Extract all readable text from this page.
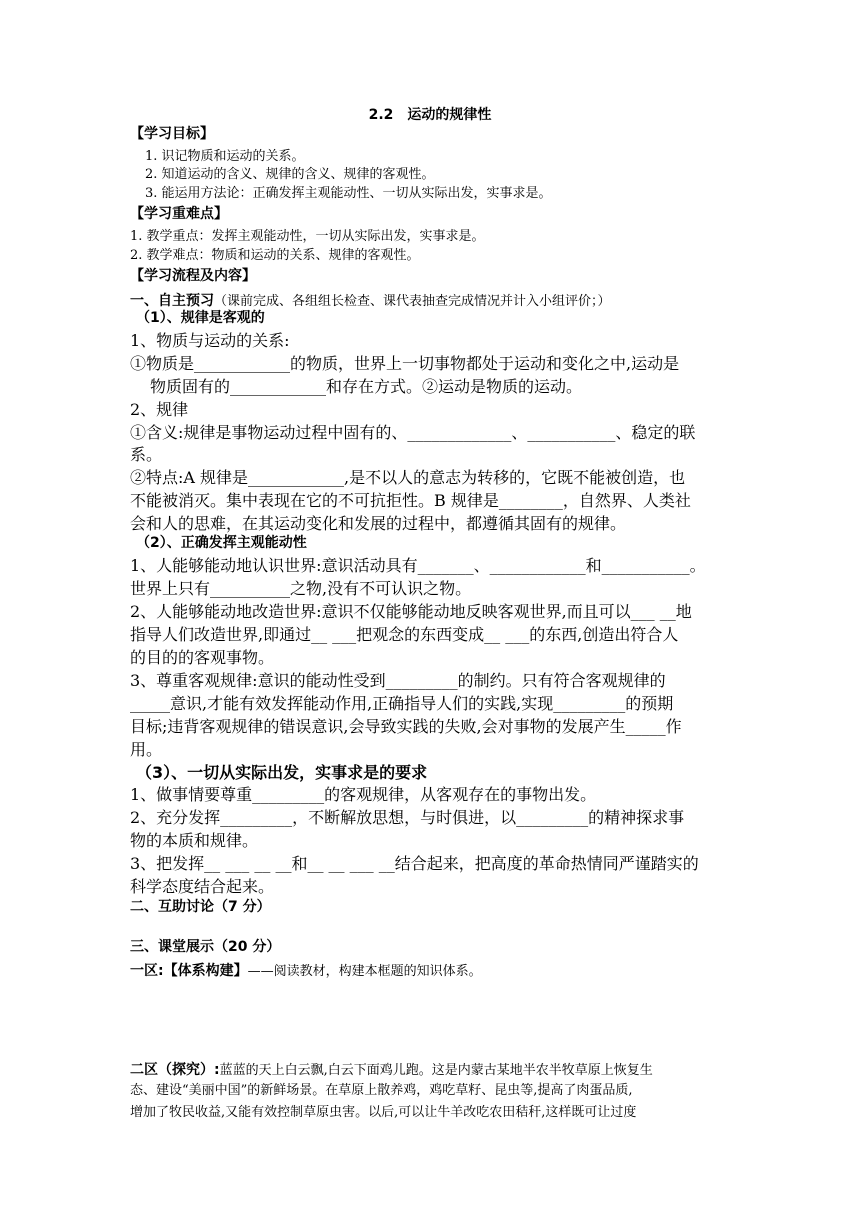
2.2　运动的规律性
【学习目标】
1. 识记物质和运动的关系。
2. 知道运动的含义、规律的含义、规律的客观性。
3. 能运用方法论：正确发挥主观能动性、一切从实际出发，实事求是。
【学习重难点】
1. 教学重点：发挥主观能动性，一切从实际出发，实事求是。
2. 教学难点：物质和运动的关系、规律的客观性。
【学习流程及内容】
一、自主预习（课前完成、各组组长检查、课代表抽查完成情况并计入小组评价；）
（1）、规律是客观的
1、物质与运动的关系:
①物质是____________的物质，世界上一切事物都处于运动和变化之中,运动是
物质固有的____________和存在方式。②运动是物质的运动。
2、规律
①含义:规律是事物运动过程中固有的、_____________、___________、稳定的联
系。
②特点:A 规律是____________,是不以人的意志为转移的，它既不能被创造，也
不能被消灭。集中表现在它的不可抗拒性。B 规律是________，自然界、人类社
会和人的思难，在其运动变化和发展的过程中，都遵循其固有的规律。
（2）、正确发挥主观能动性
1、人能够能动地认识世界:意识活动具有_______、____________和___________。
世界上只有__________之物,没有不可认识之物。
2、人能够能动地改造世界:意识不仅能够能动地反映客观世界,而且可以___ __地
指导人们改造世界,即通过__ ___把观念的东西变成__ ___的东西,创造出符合人
的目的的客观事物。
3、尊重客观规律:意识的能动性受到_________的制约。只有符合客观规律的
_____意识,才能有效发挥能动作用,正确指导人们的实践,实现_________的预期
目标;违背客观规律的错误意识,会导致实践的失败,会对事物的发展产生_____作
用。
（3）、一切从实际出发，实事求是的要求
1、做事情要尊重_________的客观规律，从客观存在的事物出发。
2、充分发挥_________，不断解放思想，与时俱进，以_________的精神探求事
物的本质和规律。
3、把发挥__ ___ __ __和__ __ ___ __结合起来，把高度的革命热情同严谨踏实的
科学态度结合起来。
二、互助讨论（7 分）
三、课堂展示（20 分）
一区:【体系构建】——阅读教材，构建本框题的知识体系。
二区（探究）:蓝蓝的天上白云飘,白云下面鸡儿跑。这是内蒙古某地半农半牧草原上恢复生
态、建设“美丽中国”的新鲜场景。在草原上散养鸡，鸡吃草籽、昆虫等,提高了肉蛋品质,
增加了牧民收益,又能有效控制草原虫害。以后,可以让牛羊改吃农田秸秆,这样既可让过度
